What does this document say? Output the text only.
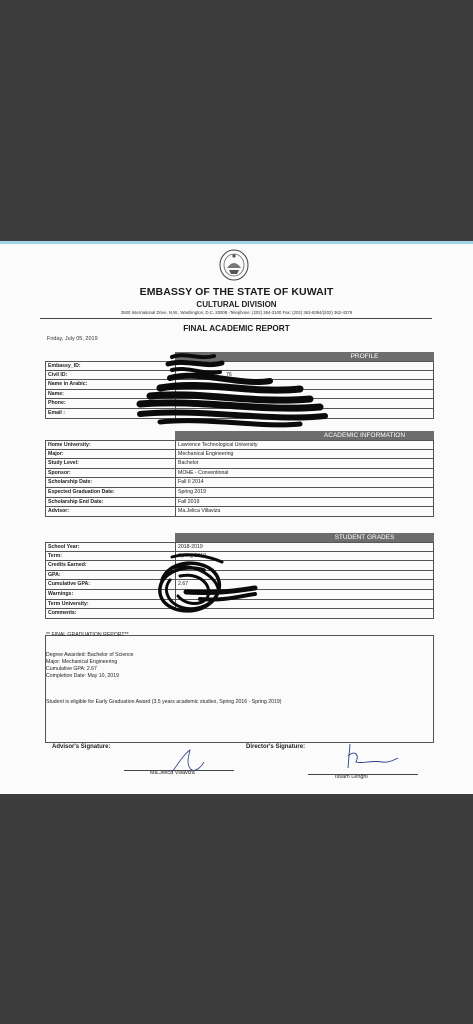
EMBASSY OF THE STATE OF KUWAIT
CULTURAL DIVISION
3500 International Drive, N.W., Washington, D.C. 20008 -Telephone: (202) 364-2100 Fax: (202) 363-8394/(202) 362-4379
FINAL ACADEMIC REPORT
Friday, July 05, 2019
PROFILE
Embassy_ID:
Civil ID:	76
Name in Arabic:
Name:
Phone:
Email :
ACADEMIC INFORMATION
Home University:	Lawrence Technological University
Major:	Mechanical Engineering
Study Level:	Bachelor
Sponsor:	MOHE - Conventional
Scholarship Date:	Fall II 2014
Expected Graduation Date:	Spring 2019
Scholarship End Date:	Fall 2019
Advisor:	Ma.Jelica Villaviza
STUDENT GRADES
School Year:	2018-2019
Term:	Spring 2019
Credits Earned:
GPA:
Cumulative GPA:	2.67
Warnings:
Term University:
Comments:
** FINAL GRADUATION REPORT**
Degree Awarded: Bachelor of Science
Major: Mechanical Engineering
Cumulative GPA: 2.67
Completion Date: May 10, 2019
Student is eligible for Early Graduation Award (3.5 years academic studies, Spring 2016 - Spring 2019)
Advisor's Signature:	Director's Signature:
Ma.Jelica Villaviza
Issam Lenghi
